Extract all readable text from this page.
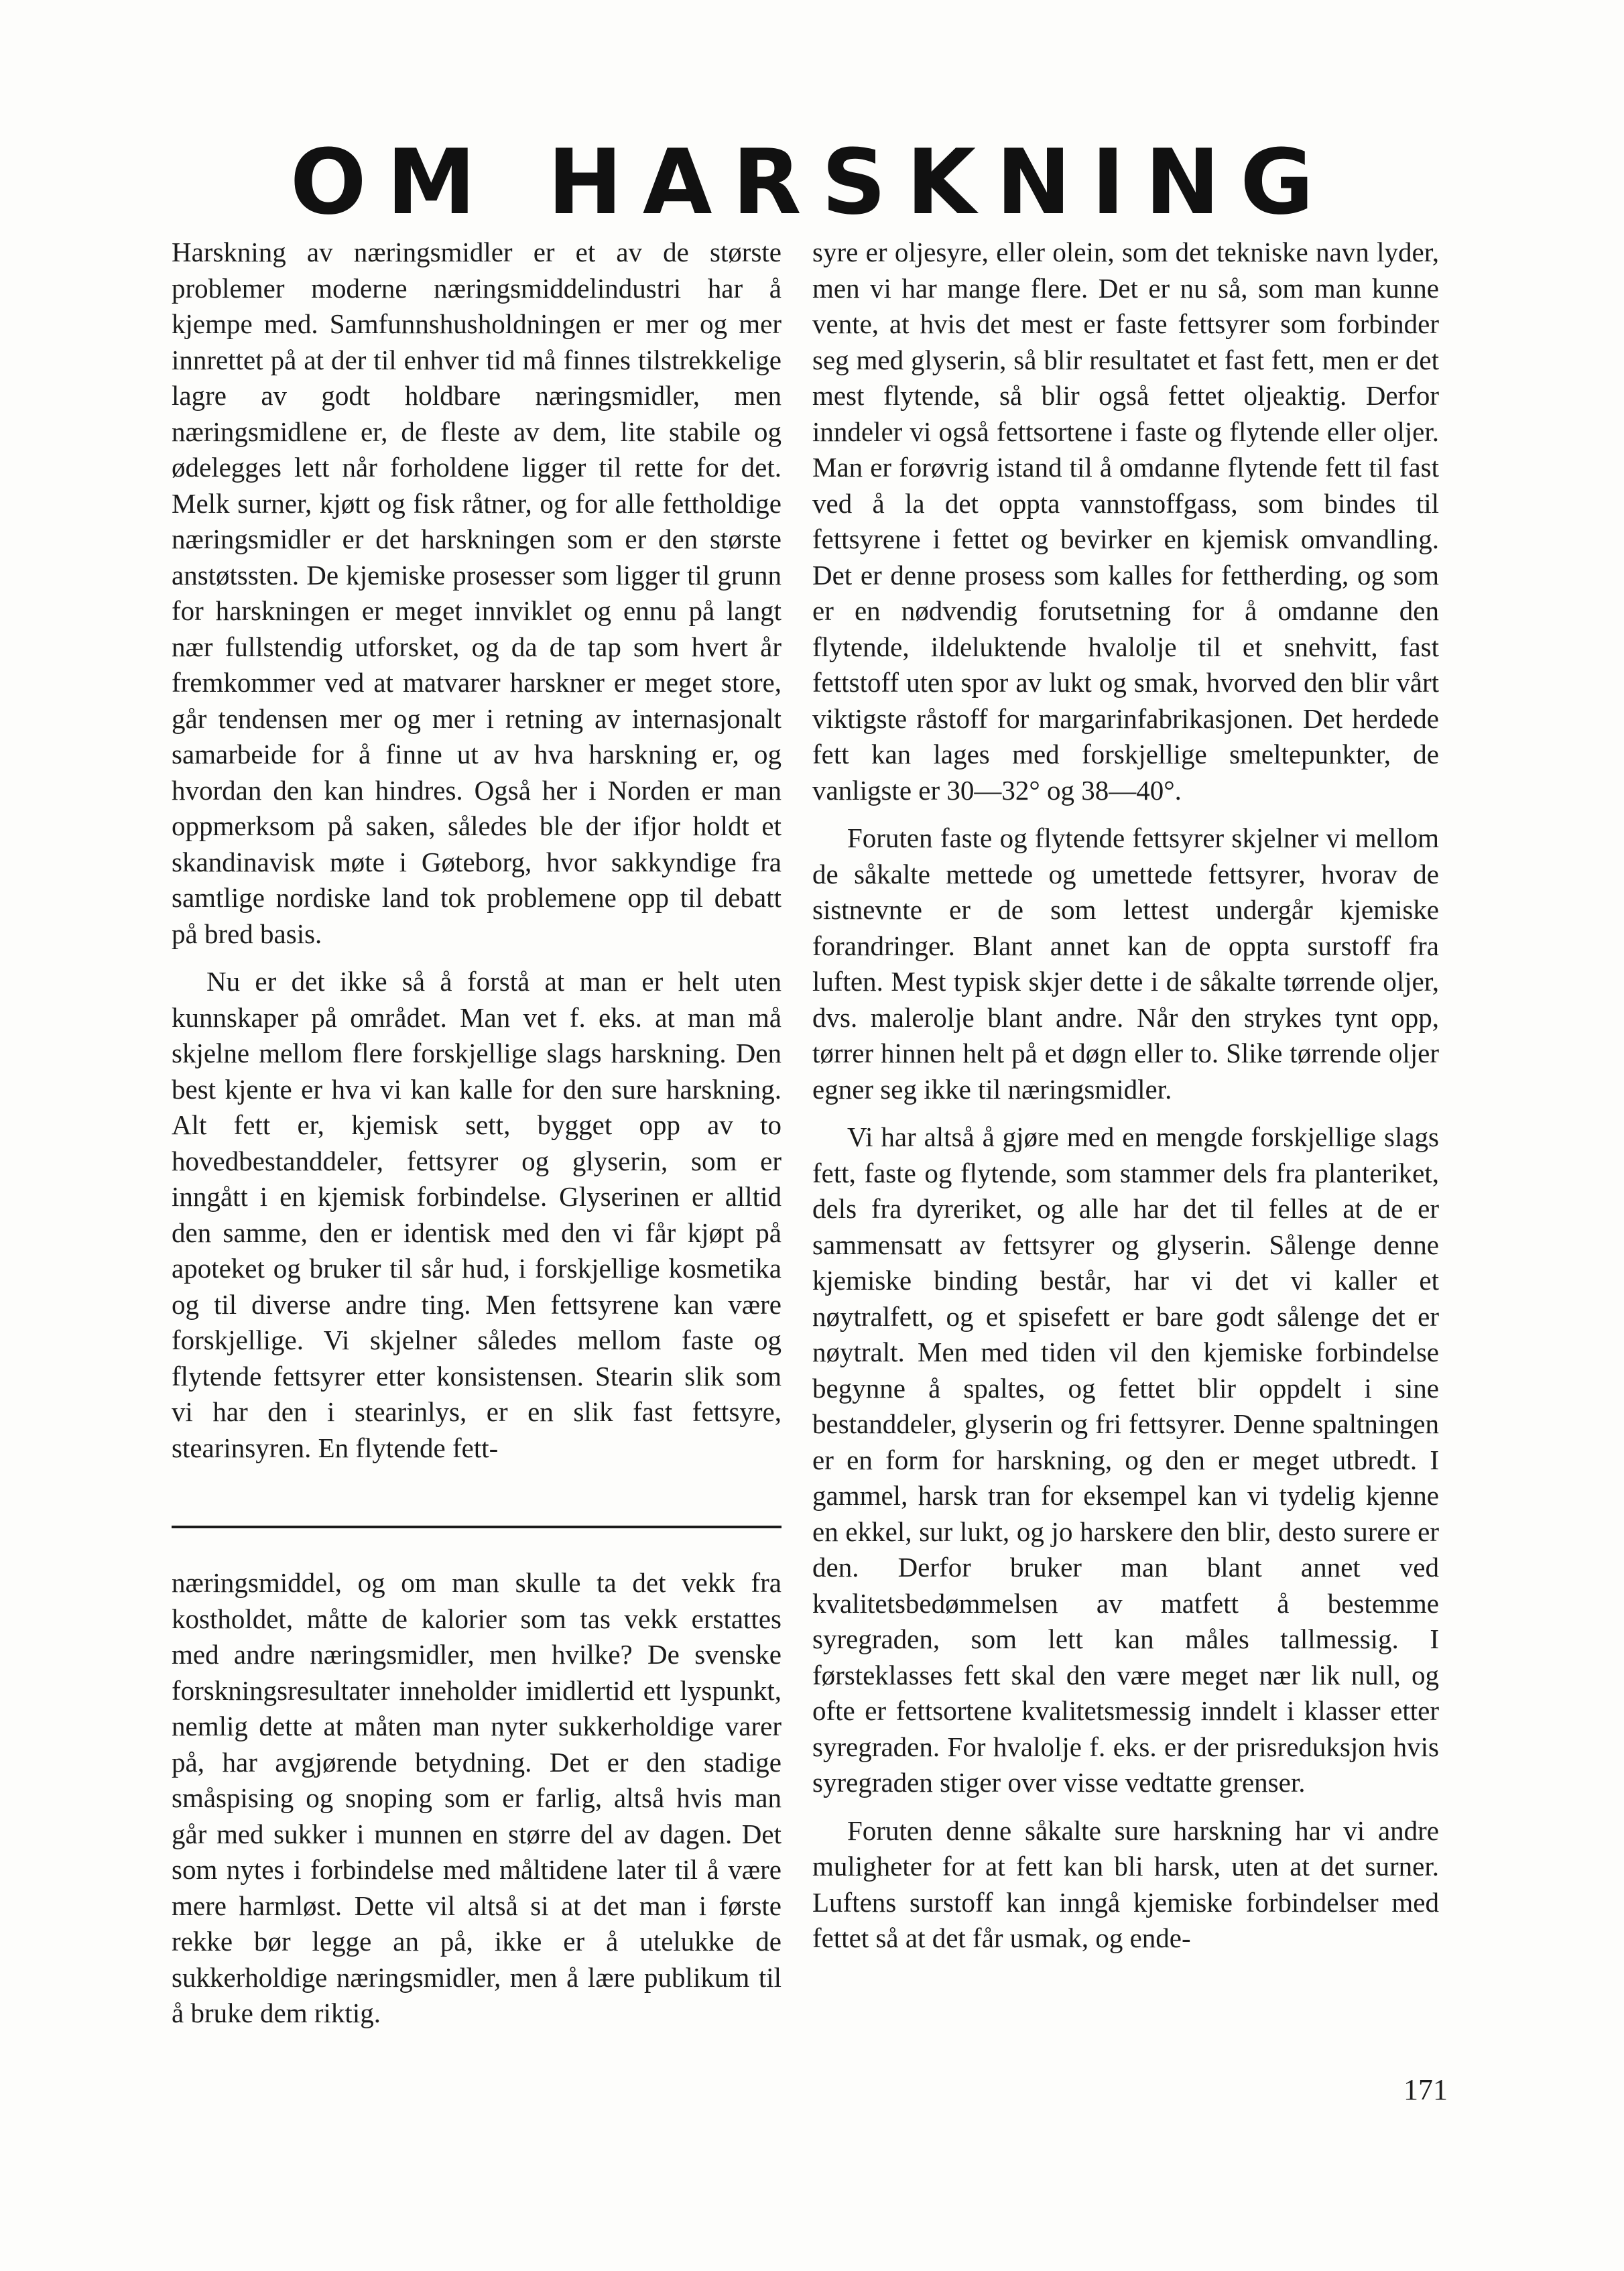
OM HARSKNING

Harskning av næringsmidler er et av de største problemer moderne næringsmiddelindustri har å kjempe med. Samfunnshusholdningen er mer og mer innrettet på at der til enhver tid må finnes tilstrekkelige lagre av godt holdbare næringsmidler, men næringsmidlene er, de fleste av dem, lite stabile og ødelegges lett når forholdene ligger til rette for det. Melk surner, kjøtt og fisk råtner, og for alle fettholdige næringsmidler er det harskningen som er den største anstøtssten. De kjemiske prosesser som ligger til grunn for harskningen er meget innviklet og ennu på langt nær fullstendig utforsket, og da de tap som hvert år fremkommer ved at matvarer harskner er meget store, går tendensen mer og mer i retning av internasjonalt samarbeide for å finne ut av hva harskning er, og hvordan den kan hindres. Også her i Norden er man oppmerksom på saken, således ble der ifjor holdt et skandinavisk møte i Gøteborg, hvor sakkyndige fra samtlige nordiske land tok problemene opp til debatt på bred basis.

Nu er det ikke så å forstå at man er helt uten kunnskaper på området. Man vet f. eks. at man må skjelne mellom flere forskjellige slags harskning. Den best kjente er hva vi kan kalle for den sure harskning. Alt fett er, kjemisk sett, bygget opp av to hovedbestanddeler, fettsyrer og glyserin, som er inngått i en kjemisk forbindelse. Glyserinen er alltid den samme, den er identisk med den vi får kjøpt på apoteket og bruker til sår hud, i forskjellige kosmetika og til diverse andre ting. Men fettsyrene kan være forskjellige. Vi skjelner således mellom faste og flytende fettsyrer etter konsistensen. Stearin slik som vi har den i stearinlys, er en slik fast fettsyre, stearinsyren. En flytende fett-

næringsmiddel, og om man skulle ta det vekk fra kostholdet, måtte de kalorier som tas vekk erstattes med andre næringsmidler, men hvilke? De svenske forskningsresultater inneholder imidlertid ett lyspunkt, nemlig dette at måten man nyter sukkerholdige varer på, har avgjørende betydning. Det er den stadige småspising og snoping som er farlig, altså hvis man går med sukker i munnen en større del av dagen. Det som nytes i forbindelse med måltidene later til å være mere harmløst. Dette vil altså si at det man i første rekke bør legge an på, ikke er å utelukke de sukkerholdige næringsmidler, men å lære publikum til å bruke dem riktig.

syre er oljesyre, eller olein, som det tekniske navn lyder, men vi har mange flere. Det er nu så, som man kunne vente, at hvis det mest er faste fettsyrer som forbinder seg med glyserin, så blir resultatet et fast fett, men er det mest flytende, så blir også fettet oljeaktig. Derfor inndeler vi også fettsortene i faste og flytende eller oljer. Man er forøvrig istand til å omdanne flytende fett til fast ved å la det oppta vannstoffgass, som bindes til fettsyrene i fettet og bevirker en kjemisk omvandling. Det er denne prosess som kalles for fettherding, og som er en nødvendig forutsetning for å omdanne den flytende, ildeluktende hvalolje til et snehvitt, fast fettstoff uten spor av lukt og smak, hvorved den blir vårt viktigste råstoff for margarinfabrikasjonen. Det herdede fett kan lages med forskjellige smeltepunkter, de vanligste er 30—32° og 38—40°.

Foruten faste og flytende fettsyrer skjelner vi mellom de såkalte mettede og umettede fettsyrer, hvorav de sistnevnte er de som lettest undergår kjemiske forandringer. Blant annet kan de oppta surstoff fra luften. Mest typisk skjer dette i de såkalte tørrende oljer, dvs. malerolje blant andre. Når den strykes tynt opp, tørrer hinnen helt på et døgn eller to. Slike tørrende oljer egner seg ikke til næringsmidler.

Vi har altså å gjøre med en mengde forskjellige slags fett, faste og flytende, som stammer dels fra planteriket, dels fra dyreriket, og alle har det til felles at de er sammensatt av fettsyrer og glyserin. Sålenge denne kjemiske binding består, har vi det vi kaller et nøytralfett, og et spisefett er bare godt sålenge det er nøytralt. Men med tiden vil den kjemiske forbindelse begynne å spaltes, og fettet blir oppdelt i sine bestanddeler, glyserin og fri fettsyrer. Denne spaltningen er en form for harskning, og den er meget utbredt. I gammel, harsk tran for eksempel kan vi tydelig kjenne en ekkel, sur lukt, og jo harskere den blir, desto surere er den. Derfor bruker man blant annet ved kvalitetsbedømmelsen av matfett å bestemme syregraden, som lett kan måles tallmessig. I førsteklasses fett skal den være meget nær lik null, og ofte er fettsortene kvalitetsmessig inndelt i klasser etter syregraden. For hvalolje f. eks. er der prisreduksjon hvis syregraden stiger over visse vedtatte grenser.

Foruten denne såkalte sure harskning har vi andre muligheter for at fett kan bli harsk, uten at det surner. Luftens surstoff kan inngå kjemiske forbindelser med fettet så at det får usmak, og ende-

171
